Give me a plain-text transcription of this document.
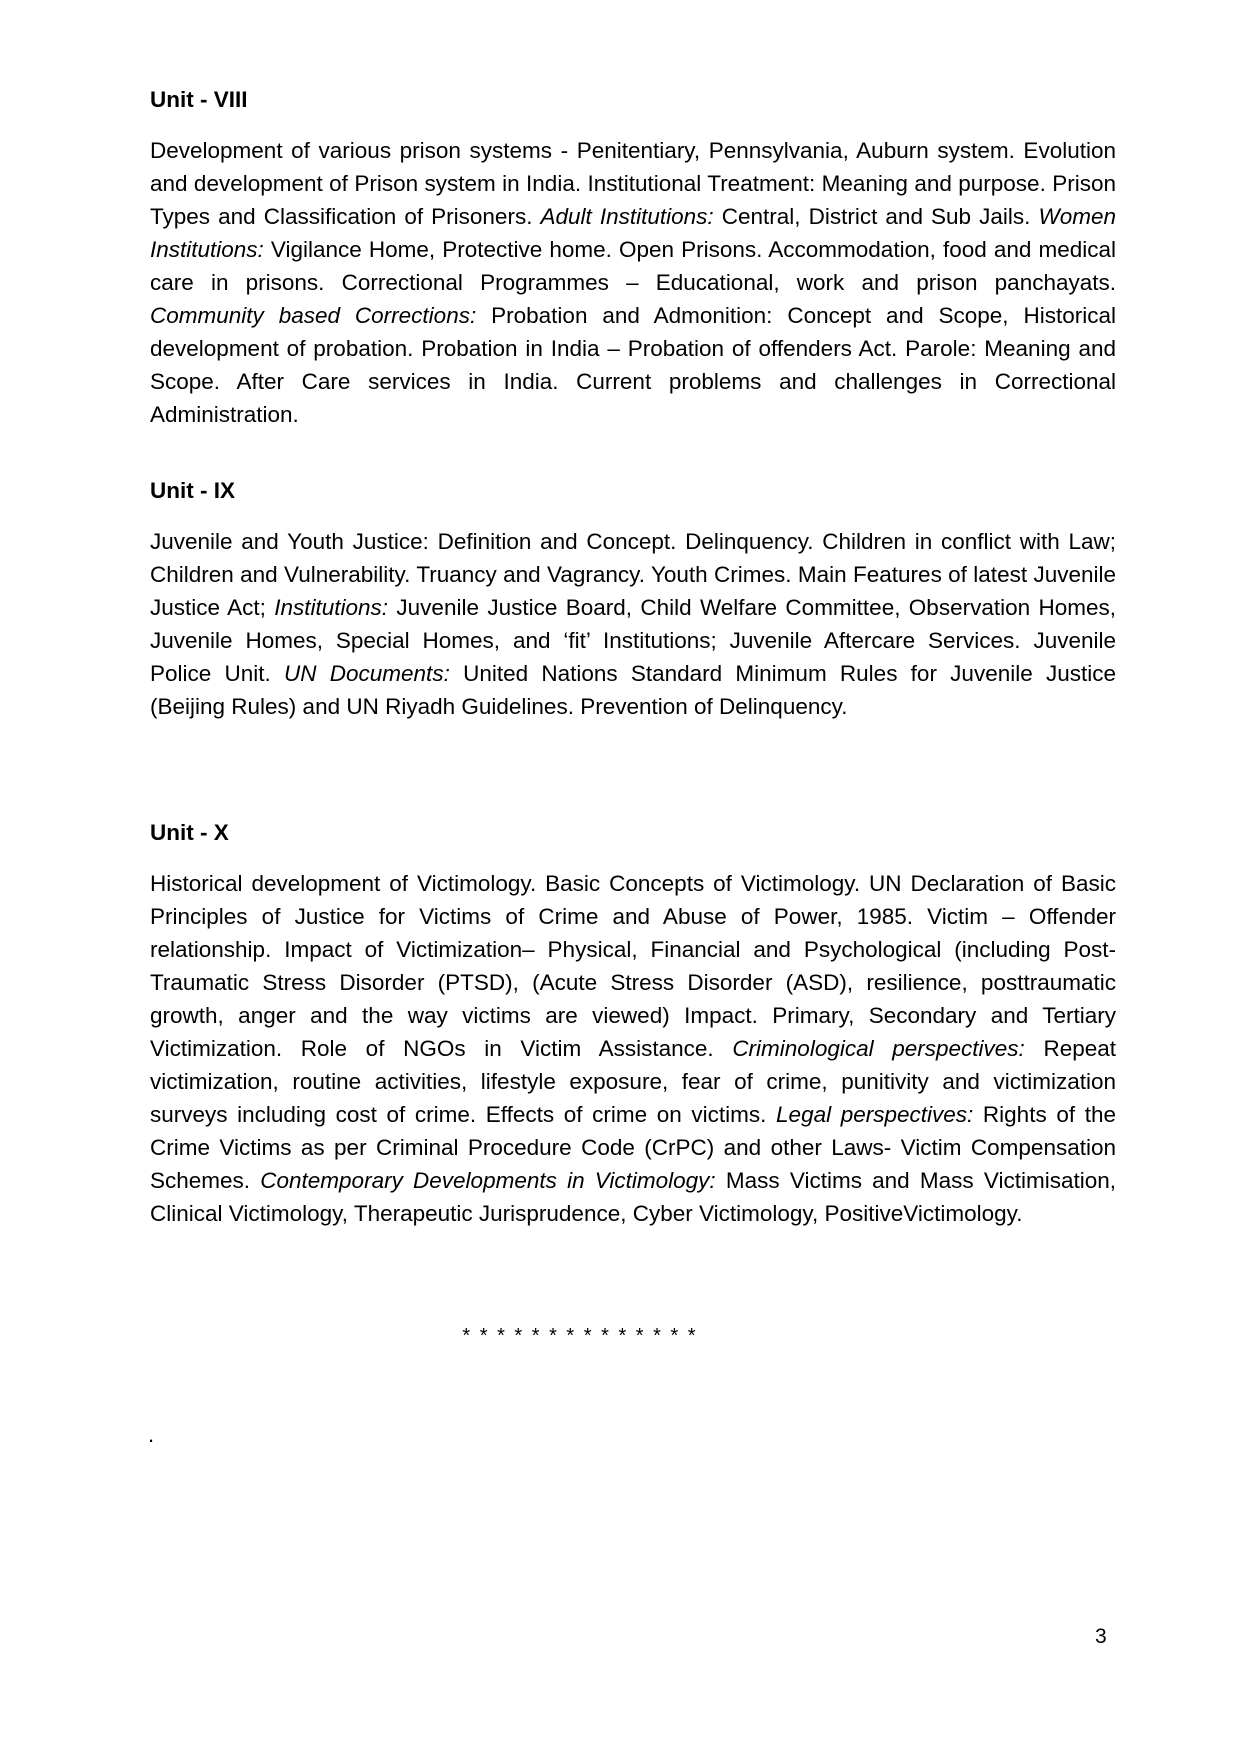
Unit - VIII

Development of various prison systems - Penitentiary, Pennsylvania, Auburn system. Evolution and development of Prison system in India. Institutional Treatment: Meaning and purpose. Prison Types and Classification of Prisoners. Adult Institutions: Central, District and Sub Jails. Women Institutions: Vigilance Home, Protective home. Open Prisons. Accommodation, food and medical care in prisons. Correctional Programmes – Educational, work and prison panchayats. Community based Corrections: Probation and Admonition: Concept and Scope, Historical development of probation. Probation in India – Probation of offenders Act. Parole: Meaning and Scope. After Care services in India. Current problems and challenges in Correctional Administration.

Unit - IX

Juvenile and Youth Justice: Definition and Concept. Delinquency. Children in conflict with Law; Children and Vulnerability. Truancy and Vagrancy. Youth Crimes. Main Features of latest Juvenile Justice Act; Institutions: Juvenile Justice Board, Child Welfare Committee, Observation Homes, Juvenile Homes, Special Homes, and ‘fit’ Institutions; Juvenile Aftercare Services. Juvenile Police Unit. UN Documents: United Nations Standard Minimum Rules for Juvenile Justice (Beijing Rules) and UN Riyadh Guidelines. Prevention of Delinquency.

Unit - X

Historical development of Victimology. Basic Concepts of Victimology. UN Declaration of Basic Principles of Justice for Victims of Crime and Abuse of Power, 1985. Victim – Offender relationship. Impact of Victimization– Physical, Financial and Psychological (including Post-Traumatic Stress Disorder (PTSD), (Acute Stress Disorder (ASD), resilience, posttraumatic growth, anger and the way victims are viewed) Impact. Primary, Secondary and Tertiary Victimization. Role of NGOs in Victim Assistance. Criminological perspectives: Repeat victimization, routine activities, lifestyle exposure, fear of crime, punitivity and victimization surveys including cost of crime. Effects of crime on victims. Legal perspectives: Rights of the Crime Victims as per Criminal Procedure Code (CrPC) and other Laws- Victim Compensation Schemes. Contemporary Developments in Victimology: Mass Victims and Mass Victimisation, Clinical Victimology, Therapeutic Jurisprudence, Cyber Victimology, PositiveVictimology.

* * * * * * * * * * * * * *
.
3
